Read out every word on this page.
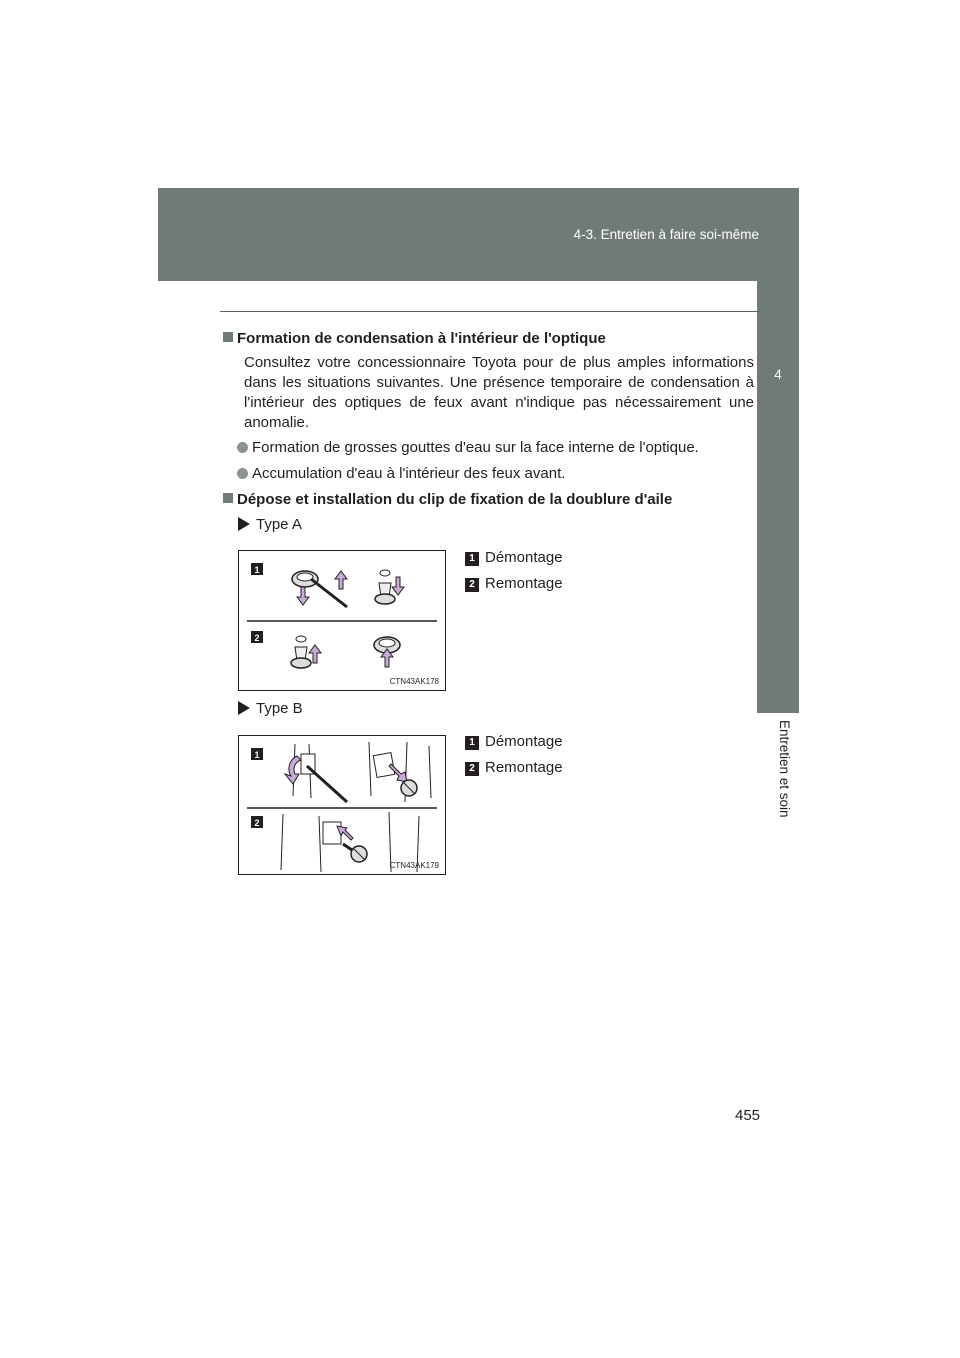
4-3. Entretien à faire soi-même
4
Entretien et soin
Formation de condensation à l'intérieur de l'optique
Consultez votre concessionnaire Toyota pour de plus amples informations dans les situations suivantes. Une présence temporaire de condensation à l'intérieur des optiques de feux avant n'indique pas nécessairement une anomalie.
Formation de grosses gouttes d'eau sur la face interne de l'optique.
Accumulation d'eau à l'intérieur des feux avant.
Dépose et installation du clip de fixation de la doublure d'aile
Type A
1
2
CTN43AK178
1 Démontage
2 Remontage
Type B
1
2
CTN43AK179
1 Démontage
2 Remontage
455
